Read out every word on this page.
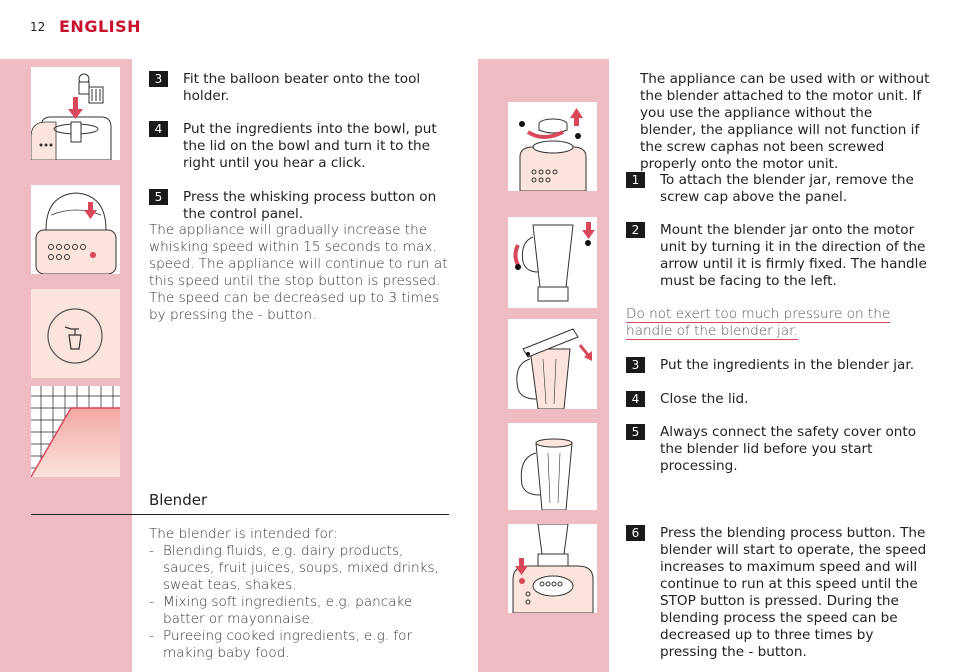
12 ENGLISH
3	Fit the balloon beater onto the tool holder.
4	Put the ingredients into the bowl, put the lid on the bowl and turn it to the right until you hear a click.
5	Press the whisking process button on the control panel.
The appliance will gradually increase the whisking speed within 15 seconds to max. speed. The appliance will continue to run at this speed until the stop button is pressed. The speed can be decreased up to 3 times by pressing the - button.
Blender
The blender is intended for:
- Blending fluids, e.g. dairy products, sauces, fruit juices, soups, mixed drinks, sweat teas, shakes.
- Mixing soft ingredients, e.g. pancake batter or mayonnaise.
- Pureeing cooked ingredients, e.g. for making baby food.
The appliance can be used with or without the blender attached to the motor unit. If you use the appliance without the blender, the appliance will not function if the screw caphas not been screwed properly onto the motor unit.
1	To attach the blender jar, remove the screw cap above the panel.
2	Mount the blender jar onto the motor unit by turning it in the direction of the arrow until it is firmly fixed. The handle must be facing to the left.
Do not exert too much pressure on the handle of the blender jar.
3	Put the ingredients in the blender jar.
4	Close the lid.
5	Always connect the safety cover onto the blender lid before you start processing.
6	Press the blending process button. The blender will start to operate, the speed increases to maximum speed and will continue to run at this speed until the STOP button is pressed. During the blending process the speed can be decreased up to three times by pressing the - button.
